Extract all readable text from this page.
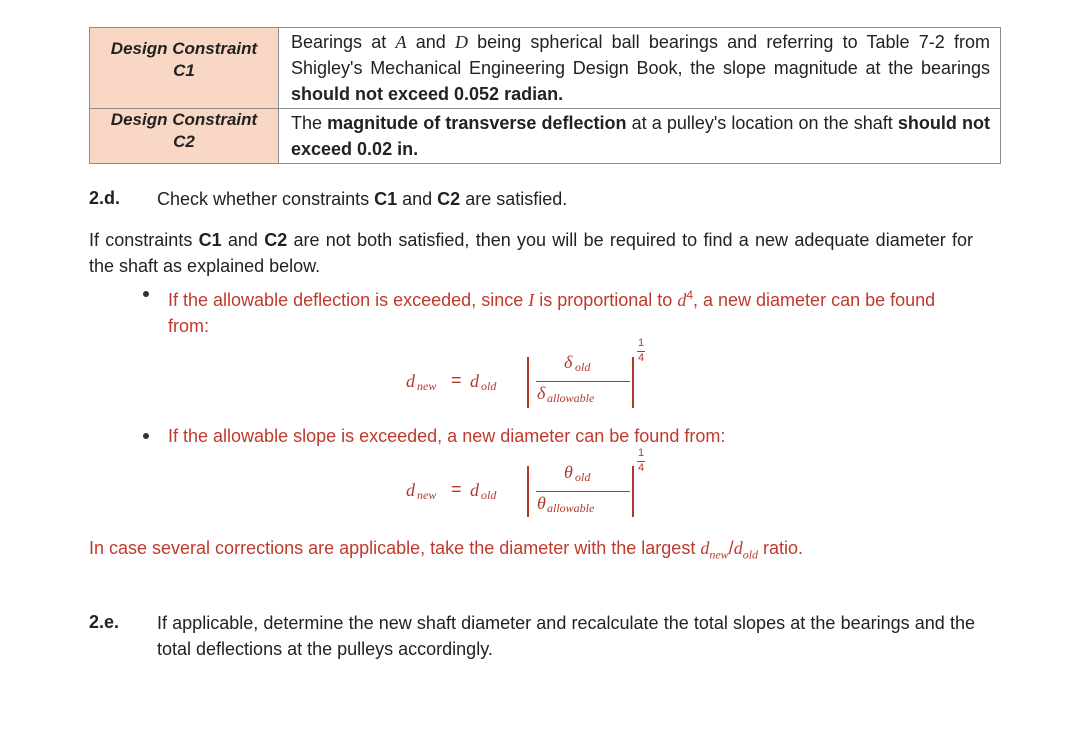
Design Constraint
C1	Bearings at A and D being spherical ball bearings and referring to Table 7-2 from Shigley's Mechanical Engineering Design Book, the slope magnitude at the bearings should not exceed 0.052 radian.

Design Constraint
C2	The magnitude of transverse deflection at a pulley's location on the shaft should not exceed 0.02 in.
2.d. Check whether constraints C1 and C2 are satisfied.
If constraints C1 and C2 are not both satisfied, then you will be required to find a new adequate diameter for the shaft as explained below.
If the allowable deflection is exceeded, since I is proportional to $d^4$, a new diameter can be found from:
d new = d old
δ old
δ allowable
1
4
If the allowable slope is exceeded, a new diameter can be found from:
d new = d old
θ old
θ allowable
1
4
In case several corrections are applicable, take the diameter with the largest $d_{new}/d_{old}$ ratio.
2.e. If applicable, determine the new shaft diameter and recalculate the total slopes at the bearings and the total deflections at the pulleys accordingly.
